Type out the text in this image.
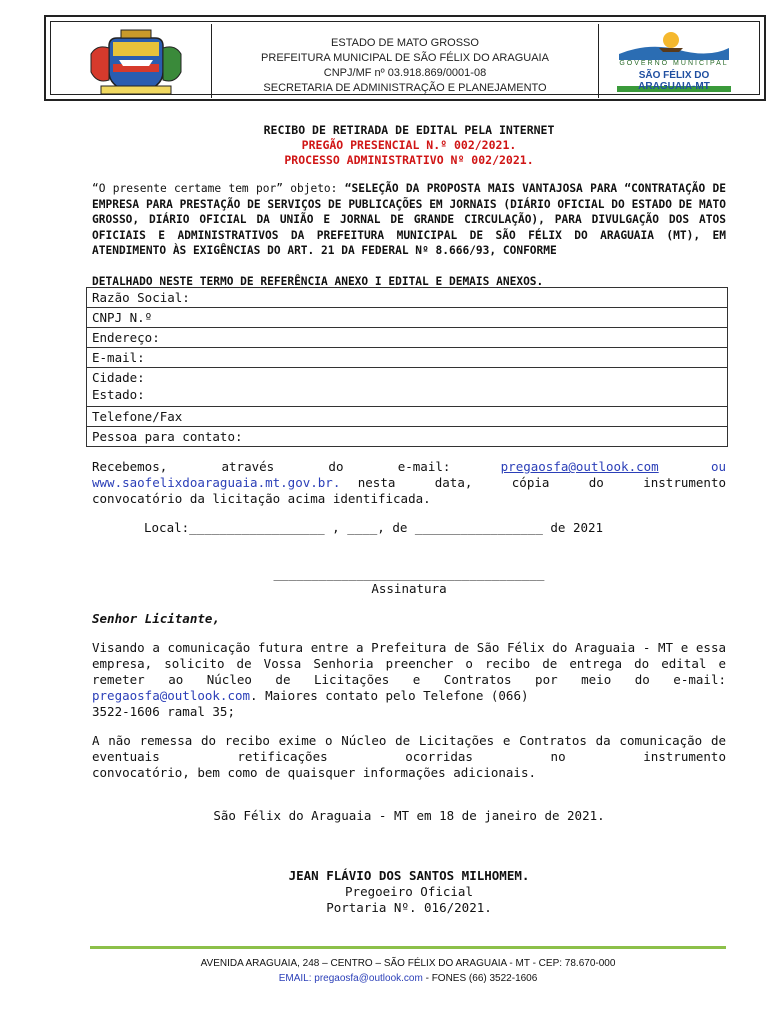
ESTADO DE MATO GROSSO
PREFEITURA MUNICIPAL DE SÃO FÉLIX DO ARAGUAIA
CNPJ/MF nº 03.918.869/0001-08
SECRETARIA DE ADMINISTRAÇÃO E PLANEJAMENTO
GOVERNO MUNICIPAL
SÃO FÉLIX DO ARAGUAIA-MT
RECIBO DE RETIRADA DE EDITAL PELA INTERNET
PREGÃO PRESENCIAL N.º 002/2021.
PROCESSO ADMINISTRATIVO Nº 002/2021.
“O presente certame tem por” objeto: “SELEÇÃO DA PROPOSTA MAIS VANTAJOSA PARA “CONTRATAÇÃO DE EMPRESA PARA PRESTAÇÃO DE SERVIÇOS DE PUBLICAÇÕES EM JORNAIS (DIÁRIO OFICIAL DO ESTADO DE MATO GROSSO, DIÁRIO OFICIAL DA UNIÃO E JORNAL DE GRANDE CIRCULAÇÃO), PARA DIVULGAÇÃO DOS ATOS OFICIAIS E ADMINISTRATIVOS DA PREFEITURA MUNICIPAL DE SÃO FÉLIX DO ARAGUAIA (MT), EM ATENDIMENTO ÀS EXIGÊNCIAS DO ART. 21 DA FEDERAL Nº 8.666/93, CONFORME
DETALHADO NESTE TERMO DE REFERÊNCIA ANEXO I EDITAL E DEMAIS ANEXOS.
Razão Social:
CNPJ N.º
Endereço:
E-mail:

Cidade:
Estado:

Telefone/Fax
Pessoa para contato:
Recebemos, através do e-mail:	pregaosfa@outlook.com	ou
www.saofelixdoaraguaia.mt.gov.br. nesta data, cópia do instrumento
convocatório da licitação acima identificada.
Local:__________________ , ____, de _________________ de 2021
____________________________________
Assinatura
Senhor Licitante,
Visando a comunicação futura entre a Prefeitura de São Félix do Araguaia - MT e essa empresa, solicito de Vossa Senhoria preencher o recibo de entrega do edital e remeter ao Núcleo de Licitações e Contratos por meio do e-mail: pregaosfa@outlook.com. Maiores contato pelo Telefone (066)
3522-1606 ramal 35;
A não remessa do recibo exime o Núcleo de Licitações e Contratos da comunicação de eventuais retificações ocorridas no instrumento
convocatório, bem como de quaisquer informações adicionais.
São Félix do Araguaia - MT em 18 de janeiro de 2021.
JEAN FLÁVIO DOS SANTOS MILHOMEM.
Pregoeiro Oficial
Portaria Nº. 016/2021.
AVENIDA ARAGUAIA, 248 – CENTRO – SÃO FÉLIX DO ARAGUAIA - MT - CEP: 78.670-000
EMAIL: pregaosfa@outlook.com - FONES (66) 3522-1606
